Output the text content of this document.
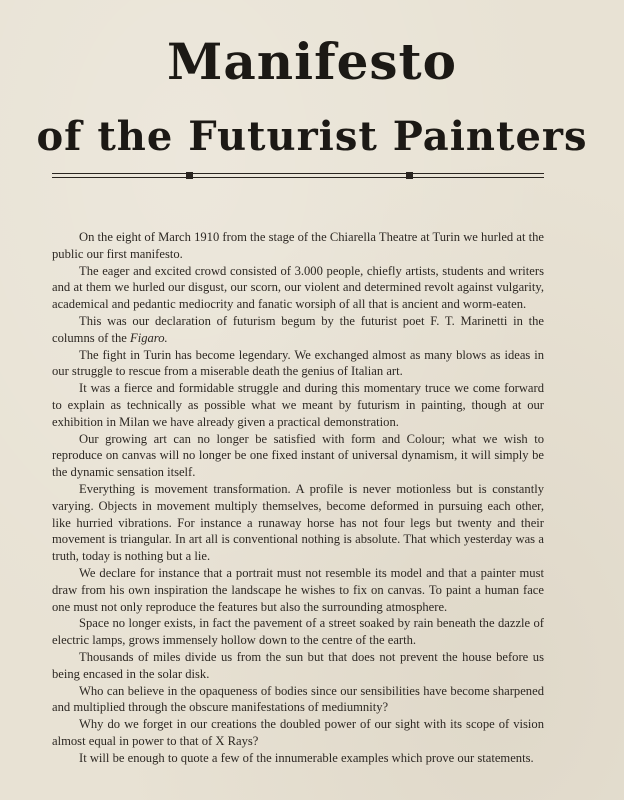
Manifesto
of the Futurist Painters

On the eight of March 1910 from the stage of the Chiarella Theatre at Turin we hurled at the public our first manifesto.

The eager and excited crowd consisted of 3.000 people, chiefly artists, students and writers and at them we hurled our disgust, our scorn, our violent and determined revolt against vulgarity, academical and pedantic mediocrity and fanatic worsiph of all that is ancient and worm-eaten.

This was our declaration of futurism begum by the futurist poet F. T. Marinetti in the columns of the Figaro.

The fight in Turin has become legendary. We exchanged almost as many blows as ideas in our struggle to rescue from a miserable death the genius of Italian art.

It was a fierce and formidable struggle and during this momentary truce we come forward to explain as technically as possible what we meant by futurism in painting, though at our exhibition in Milan we have already given a practical demonstration.

Our growing art can no longer be satisfied with form and Colour; what we wish to reproduce on canvas will no longer be one fixed instant of universal dynamism, it will simply be the dynamic sensation itself.

Everything is movement transformation. A profile is never motionless but is constantly varying. Objects in movement multiply themselves, become deformed in pursuing each other, like hurried vibrations. For instance a runaway horse has not four legs but twenty and their movement is triangular. In art all is conventional nothing is absolute. That which yesterday was a truth, today is nothing but a lie.

We declare for instance that a portrait must not resemble its model and that a painter must draw from his own inspiration the landscape he wishes to fix on canvas. To paint a human face one must not only reproduce the features but also the surrounding atmosphere.

Space no longer exists, in fact the pavement of a street soaked by rain beneath the dazzle of electric lamps, grows immensely hollow down to the centre of the earth.

Thousands of miles divide us from the sun but that does not prevent the house before us being encased in the solar disk.

Who can believe in the opaqueness of bodies since our sensibilities have become sharpened and multiplied through the obscure manifestations of mediumnity?

Why do we forget in our creations the doubled power of our sight with its scope of vision almost equal in power to that of X Rays?

It will be enough to quote a few of the innumerable examples which prove our statements.
